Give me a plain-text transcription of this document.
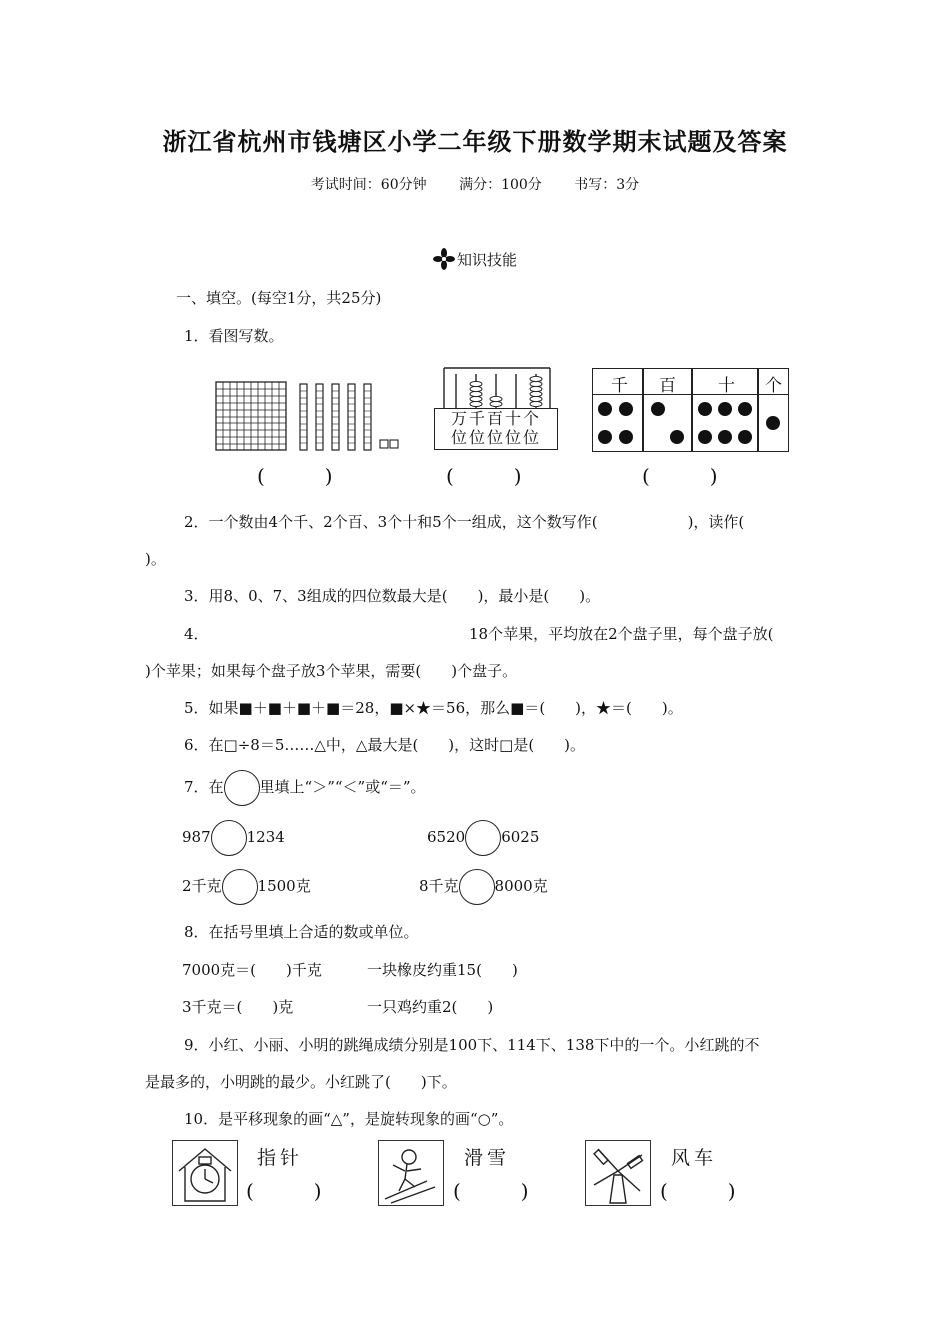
浙江省杭州市钱塘区小学二年级下册数学期末试题及答案
考试时间：60分钟 满分：100分 书写：3分
知识技能
一、填空。(每空1分，共25分)
1．看图写数。
万千百十个
位位位位位
千 百 十 个
(　　　)	(　　　)	(　　　)
2．一个数由4个千、2个百、3个十和5个一组成，这个数写作(　　　　　　)，读作(
)。
3．用8、0、7、3组成的四位数最大是(　　)，最小是(　　)。
4．	18个苹果，平均放在2个盘子里，每个盘子放(
)个苹果；如果每个盘子放3个苹果，需要(　　)个盘子。
5．如果■＋■＋■＋■＝28，■×★＝56，那么■＝(　　)，★＝(　　)。
6．在□÷8＝5……△中，△最大是(　　)，这时□是(　　)。
7．在 里填上“＞”“＜”或“＝”。
987 1234	6520 6025
2千克 1500克	8千克 8000克
8．在括号里填上合适的数或单位。
7000克＝(　　)千克	一块橡皮约重15(　　)
3千克＝(　　)克	一只鸡约重2(　　)
9．小红、小丽、小明的跳绳成绩分别是100下、114下、138下中的一个。小红跳的不
是最多的，小明跳的最少。小红跳了(　　)下。
10．是平移现象的画“△”，是旋转现象的画“○”。
指针
(　　　)
滑雪
(　　　)
风车
(　　　)
